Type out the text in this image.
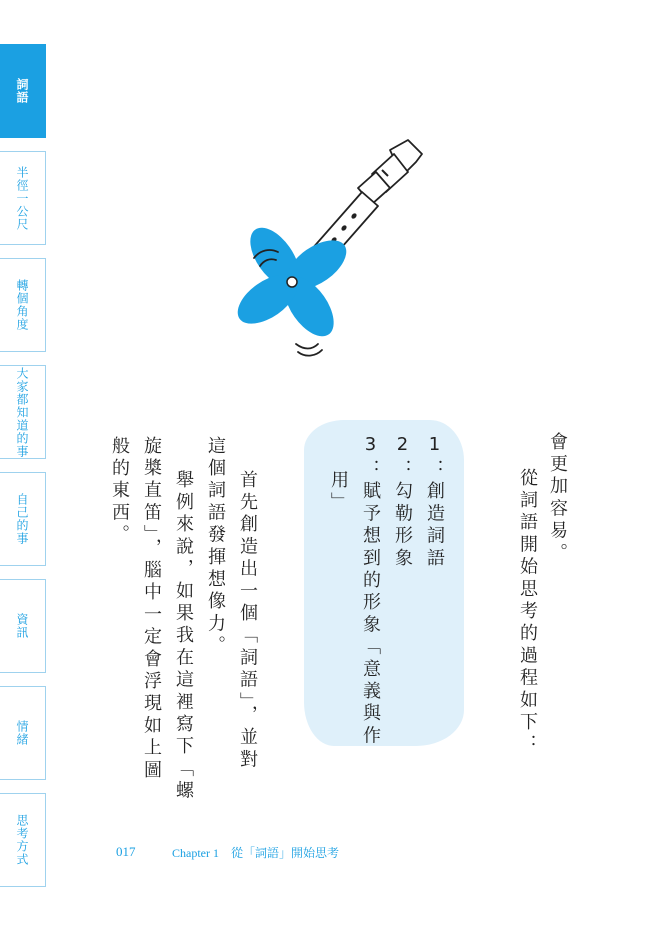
詞語
半徑一公尺
轉個角度
大家都知道的事
自己的事
資訊
情緒
思考方式
會更加容易。
從詞語開始思考的過程如下：
1：創造詞語
2：勾勒形象
3：賦予想到的形象「意義與作
用」
首先創造出一個「詞語」，並對
這個詞語發揮想像力。
舉例來說，如果我在這裡寫下「螺
旋槳直笛」，腦中一定會浮現如上圖
般的東西。
017	Chapter 1　從「詞語」開始思考
